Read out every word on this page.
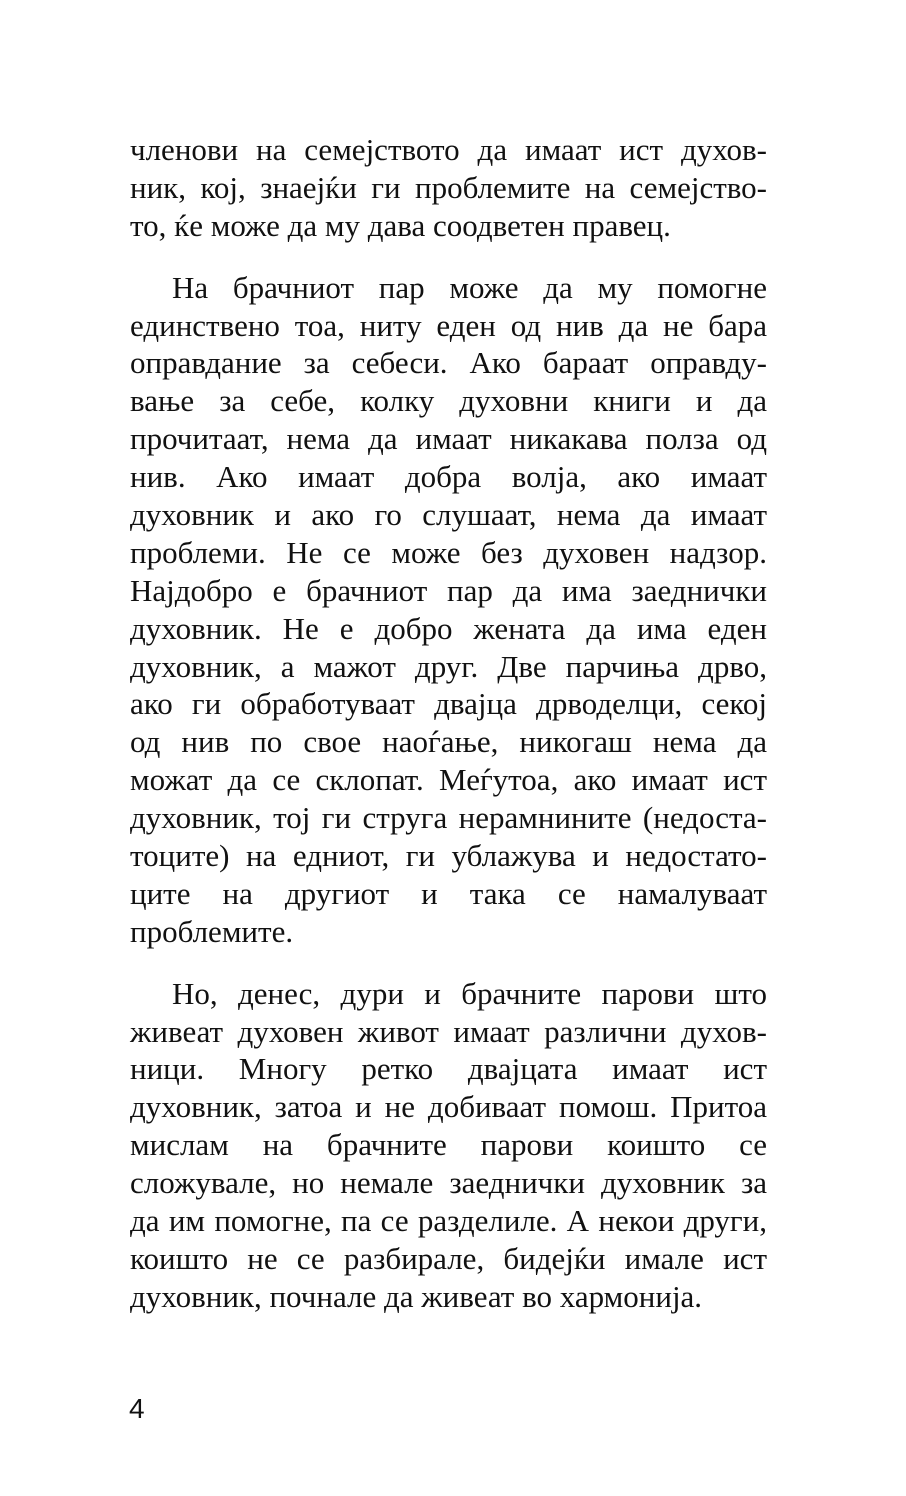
членови на семејството да имаат ист духов-
ник, кој, знаејќи ги проблемите на семејство-
то, ќе може да му дава соодветен правец.
На брачниот пар може да му помогне
единствено тоа, ниту еден од нив да не бара
оправдание за себеси. Ако бараат оправду-
вање за себе, колку духовни книги и да
прочитаат, нема да имаат никакава полза од
нив. Ако имаат добра волја, ако имаат
духовник и ако го слушаат, нема да имаат
проблеми. Не се може без духовен надзор.
Најдобро е брачниот пар да има заеднички
духовник. Не е добро жената да има еден
духовник, а мажот друг. Две парчиња дрво,
ако ги обработуваат двајца дрводелци, секој
од нив по свое наоѓање, никогаш нема да
можат да се склопат. Меѓутоа, ако имаат ист
духовник, тој ги струга нерамнините (недоста-
тоците) на едниот, ги ублажува и недостато-
ците на другиот и така се намалуваат
проблемите.
Но, денес, дури и брачните парови што
живеат духовен живот имаат различни духов-
ници. Многу ретко двајцата имаат ист
духовник, затоа и не добиваат помош. Притоа
мислам на брачните парови коишто се
сложувале, но немале заеднички духовник за
да им помогне, па се разделиле. А некои други,
коишто не се разбирале, бидејќи имале ист
духовник, почнале да живеат во хармонија.
4
